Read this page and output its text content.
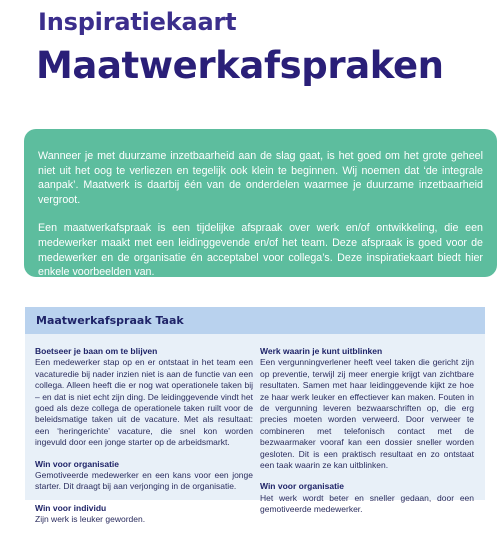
Inspiratiekaart
Maatwerkafspraken

Wanneer je met duurzame inzetbaarheid aan de slag gaat, is het goed om het grote geheel niet uit het oog te verliezen en tegelijk ook klein te beginnen. Wij noemen dat ‘de integrale aanpak’. Maatwerk is daarbij één van de onderdelen waarmee je duurzame inzetbaarheid vergroot.

Een maatwerkafspraak is een tijdelijke afspraak over werk en/of ontwikkeling, die een medewerker maakt met een leidinggevende en/of het team. Deze afspraak is goed voor de medewerker en de organisatie én acceptabel voor collega’s. Deze inspiratiekaart biedt hier enkele voorbeelden van.

Maatwerkafspraak Taak
Boetseer je baan om te blijven

Een medewerker stap op en er ontstaat in het team een vacaturedie bij nader inzien niet is aan de functie van een collega. Alleen heeft die er nog wat operationele taken bij – en dat is niet echt zijn ding. De leidinggevende vindt het goed als deze collega de operationele taken ruilt voor de beleidsmatige taken uit de vacature. Met als resultaat: een ‘heringerichte’ vacature, die snel kon worden ingevuld door een jonge starter op de arbeidsmarkt.

Win voor organisatie

Gemotiveerde medewerker en een kans voor een jonge starter. Dit draagt bij aan verjonging in de organisatie.

Win voor individu

Zijn werk is leuker geworden.

Werk waarin je kunt uitblinken

Een vergunningverlener heeft veel taken die gericht zijn op preventie, terwijl zij meer energie krijgt van zichtbare resultaten. Samen met haar leidinggevende kijkt ze hoe ze haar werk leuker en effectiever kan maken. Fouten in de vergunning leveren bezwaarschriften op, die erg precies moeten worden verweerd. Door verweer te combineren met telefonisch contact met de bezwaarmaker vooraf kan een dossier sneller worden gesloten. Dit is een praktisch resultaat en zo ontstaat een taak waarin ze kan uitblinken.

Win voor organisatie

Het werk wordt beter en sneller gedaan, door een gemotiveerde medewerker.
